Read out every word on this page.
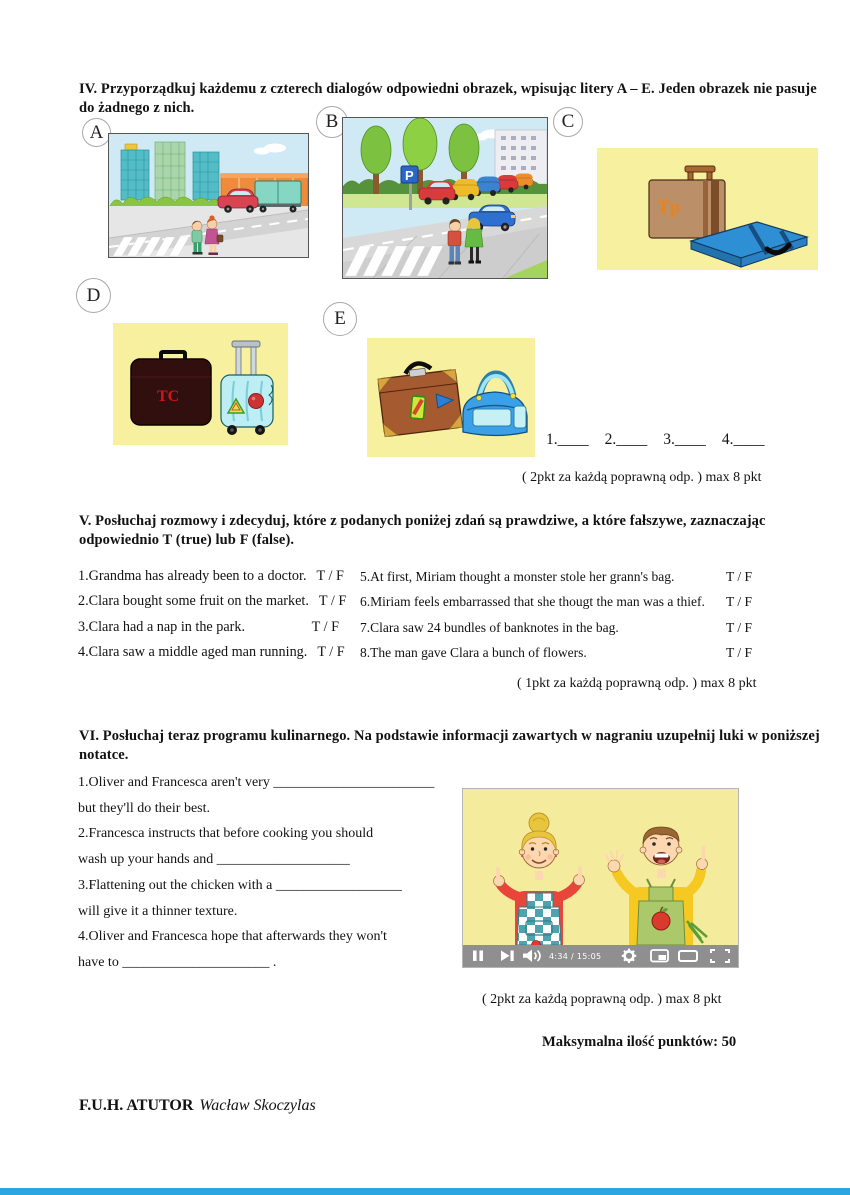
IV. Przyporządkuj każdemu z czterech dialogów odpowiedni obrazek, wpisując litery A – E. Jeden obrazek nie pasuje do żadnego z nich.
A	B	C
D
E
P
Tp
TC
1.____ 2.____ 3.____ 4.____
( 2pkt za każdą poprawną odp. ) max 8 pkt
V. Posłuchaj rozmowy i zdecyduj, które z podanych poniżej zdań są prawdziwe, a które fałszywe, zaznaczając odpowiednio T (true) lub F (false).
1.Grandma has already been to a doctor. T / F
2.Clara bought some fruit on the market. T / F
3.Clara had a nap in the park.	T / F
4.Clara saw a middle aged man running. T / F
5.At first, Miriam thought a monster stole her grann's bag.	T / F
6.Miriam feels embarrassed that she thougt the man was a thief. T / F
7.Clara saw 24 bundles of banknotes in the bag.	T / F
8.The man gave Clara a bunch of flowers.	T / F
( 1pkt za każdą poprawną odp. ) max 8 pkt
VI. Posłuchaj teraz programu kulinarnego. Na podstawie informacji zawartych w nagraniu uzupełnij luki w poniższej notatce.
1.Oliver and Francesca aren't very _______________________
but they'll do their best.
2.Francesca instructs that before cooking you should
wash up your hands and ___________________
3.Flattening out the chicken with a __________________
will give it a thinner texture.
4.Oliver and Francesca hope that afterwards they won't
have to _____________________ .	4:34 / 15:05
( 2pkt za każdą poprawną odp. ) max 8 pkt
Maksymalna ilość punktów: 50
F.U.H. ATUTOR Wacław Skoczylas
